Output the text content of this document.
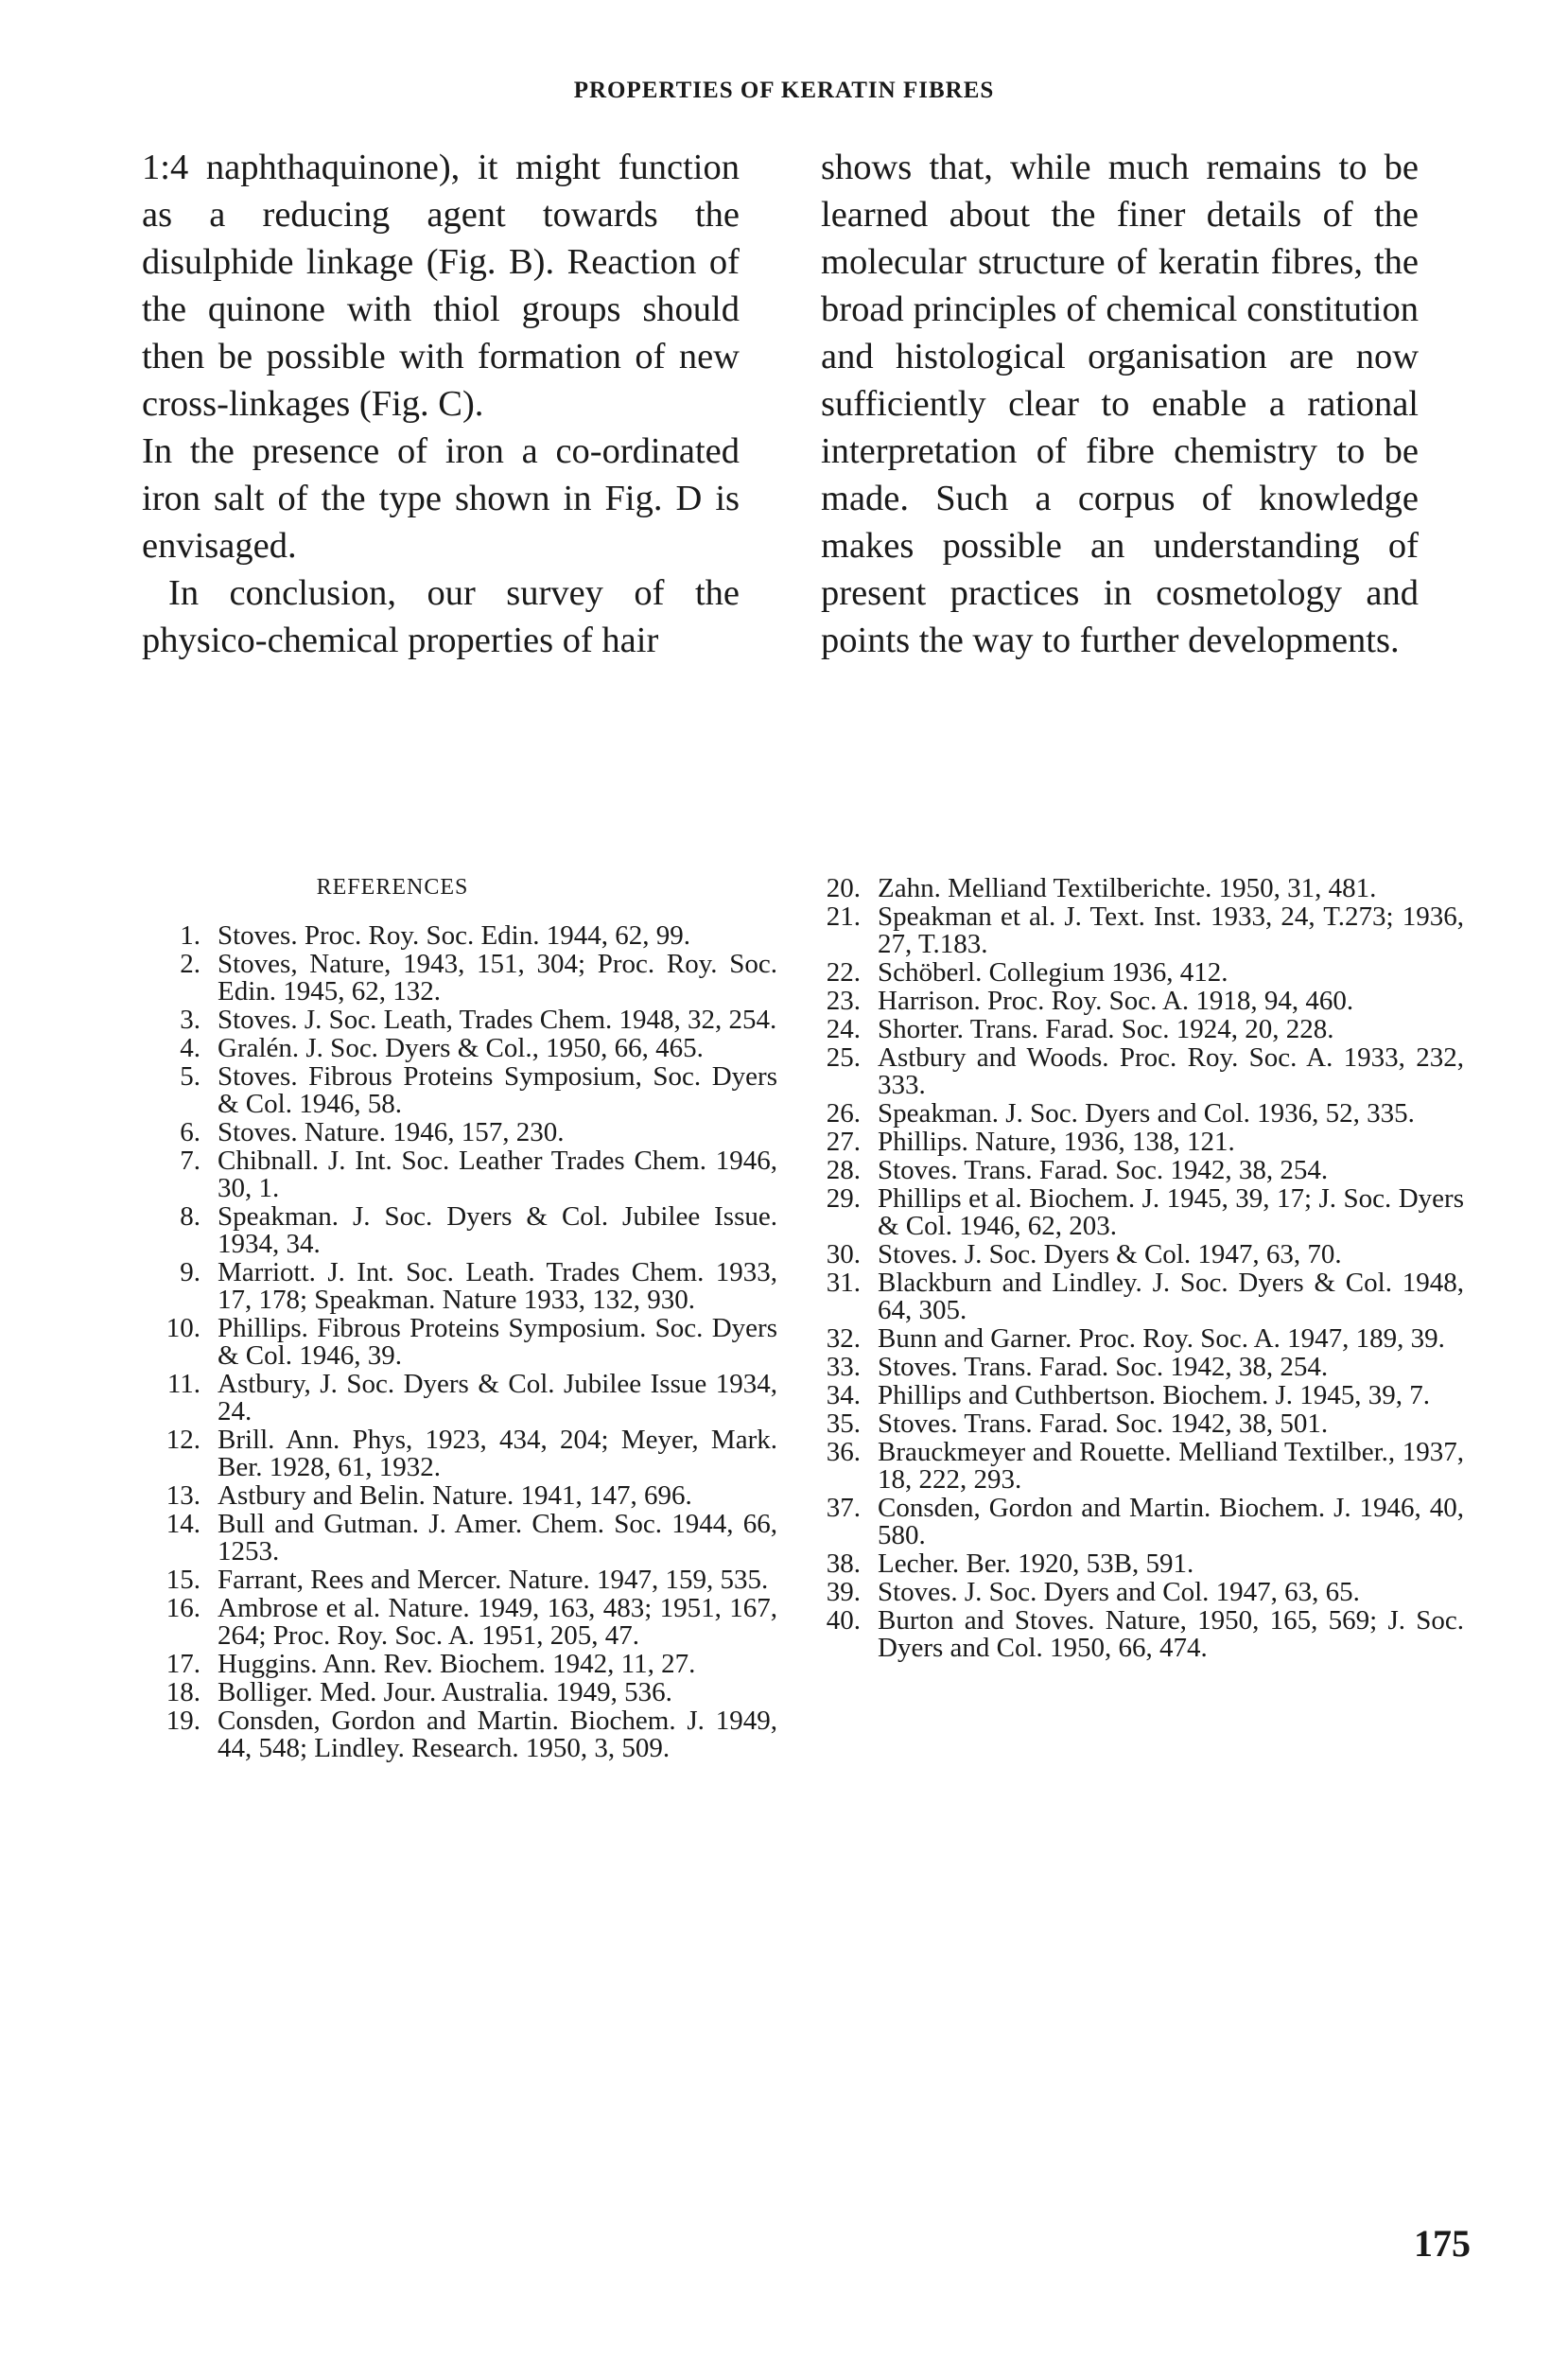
PROPERTIES OF KERATIN FIBRES

1:4 naphthaquinone), it might function as a reducing agent towards the disulphide linkage (Fig. B). Reaction of the quinone with thiol groups should then be possible with formation of new cross-linkages (Fig. C).

In the presence of iron a co-ordinated iron salt of the type shown in Fig. D is envisaged.

In conclusion, our survey of the physico-chemical properties of hair

shows that, while much remains to be learned about the finer details of the molecular structure of keratin fibres, the broad principles of chemical constitution and histological organisation are now sufficiently clear to enable a rational interpretation of fibre chemistry to be made. Such a corpus of knowledge makes possible an understanding of present practices in cosmetology and points the way to further developments.

REFERENCES
1. Stoves. Proc. Roy. Soc. Edin. 1944, 62, 99.
2. Stoves, Nature, 1943, 151, 304; Proc. Roy. Soc. Edin. 1945, 62, 132.
3. Stoves. J. Soc. Leath, Trades Chem. 1948, 32, 254.
4. Gralén. J. Soc. Dyers & Col., 1950, 66, 465.
5. Stoves. Fibrous Proteins Symposium, Soc. Dyers & Col. 1946, 58.
6. Stoves. Nature. 1946, 157, 230.
7. Chibnall. J. Int. Soc. Leather Trades Chem. 1946, 30, 1.
8. Speakman. J. Soc. Dyers & Col. Jubilee Issue. 1934, 34.
9. Marriott. J. Int. Soc. Leath. Trades Chem. 1933, 17, 178; Speakman. Nature 1933, 132, 930.
10. Phillips. Fibrous Proteins Symposium. Soc. Dyers & Col. 1946, 39.
11. Astbury, J. Soc. Dyers & Col. Jubilee Issue 1934, 24.
12. Brill. Ann. Phys, 1923, 434, 204; Meyer, Mark. Ber. 1928, 61, 1932.
13. Astbury and Belin. Nature. 1941, 147, 696.
14. Bull and Gutman. J. Amer. Chem. Soc. 1944, 66, 1253.
15. Farrant, Rees and Mercer. Nature. 1947, 159, 535.
16. Ambrose et al. Nature. 1949, 163, 483; 1951, 167, 264; Proc. Roy. Soc. A. 1951, 205, 47.
17. Huggins. Ann. Rev. Biochem. 1942, 11, 27.
18. Bolliger. Med. Jour. Australia. 1949, 536.
19. Consden, Gordon and Martin. Biochem. J. 1949, 44, 548; Lindley. Research. 1950, 3, 509.
20. Zahn. Melliand Textilberichte. 1950, 31, 481.
21. Speakman et al. J. Text. Inst. 1933, 24, T.273; 1936, 27, T.183.
22. Schöberl. Collegium 1936, 412.
23. Harrison. Proc. Roy. Soc. A. 1918, 94, 460.
24. Shorter. Trans. Farad. Soc. 1924, 20, 228.
25. Astbury and Woods. Proc. Roy. Soc. A. 1933, 232, 333.
26. Speakman. J. Soc. Dyers and Col. 1936, 52, 335.
27. Phillips. Nature, 1936, 138, 121.
28. Stoves. Trans. Farad. Soc. 1942, 38, 254.
29. Phillips et al. Biochem. J. 1945, 39, 17; J. Soc. Dyers & Col. 1946, 62, 203.
30. Stoves. J. Soc. Dyers & Col. 1947, 63, 70.
31. Blackburn and Lindley. J. Soc. Dyers & Col. 1948, 64, 305.
32. Bunn and Garner. Proc. Roy. Soc. A. 1947, 189, 39.
33. Stoves. Trans. Farad. Soc. 1942, 38, 254.
34. Phillips and Cuthbertson. Biochem. J. 1945, 39, 7.
35. Stoves. Trans. Farad. Soc. 1942, 38, 501.
36. Brauckmeyer and Rouette. Melliand Textilber., 1937, 18, 222, 293.
37. Consden, Gordon and Martin. Biochem. J. 1946, 40, 580.
38. Lecher. Ber. 1920, 53B, 591.
39. Stoves. J. Soc. Dyers and Col. 1947, 63, 65.
40. Burton and Stoves. Nature, 1950, 165, 569; J. Soc. Dyers and Col. 1950, 66, 474.
175
